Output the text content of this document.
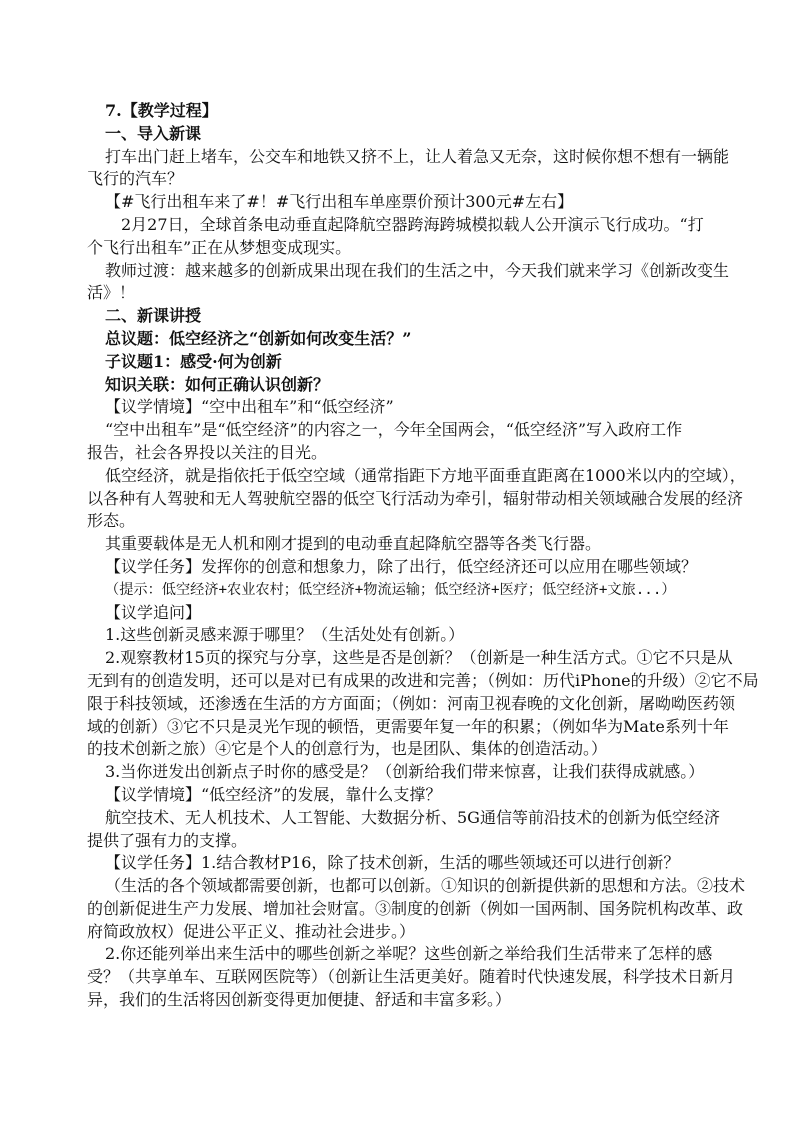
7.【教学过程】
一、导入新课
打车出门赶上堵车，公交车和地铁又挤不上，让人着急又无奈，这时候你想不想有一辆能
飞行的汽车？
【#飞行出租车来了#！#飞行出租车单座票价预计300元#左右】
2月27日，全球首条电动垂直起降航空器跨海跨城模拟载人公开演示飞行成功。“打
个飞行出租车”正在从梦想变成现实。
教师过渡：越来越多的创新成果出现在我们的生活之中，今天我们就来学习《创新改变生
活》！
二、新课讲授
总议题：低空经济之“创新如何改变生活？”
子议题1：感受·何为创新
知识关联：如何正确认识创新？
【议学情境】“空中出租车”和“低空经济”
“空中出租车”是“低空经济”的内容之一，今年全国两会，“低空经济”写入政府工作
报告，社会各界投以关注的目光。
低空经济，就是指依托于低空空域（通常指距下方地平面垂直距离在1000米以内的空域），
以各种有人驾驶和无人驾驶航空器的低空飞行活动为牵引，辐射带动相关领域融合发展的经济
形态。
其重要载体是无人机和刚才提到的电动垂直起降航空器等各类飞行器。
【议学任务】发挥你的创意和想象力，除了出行，低空经济还可以应用在哪些领域？
（提示：低空经济+农业农村；低空经济+物流运输；低空经济+医疗；低空经济+文旅...）
【议学追问】
1.这些创新灵感来源于哪里？（生活处处有创新。）
2.观察教材15页的探究与分享，这些是否是创新？（创新是一种生活方式。①它不只是从
无到有的创造发明，还可以是对已有成果的改进和完善；（例如：历代iPhone的升级）②它不局
限于科技领域，还渗透在生活的方方面面；（例如：河南卫视春晚的文化创新，屠呦呦医药领
域的创新）③它不只是灵光乍现的顿悟，更需要年复一年的积累；（例如华为Mate系列十年
的技术创新之旅）④它是个人的创意行为，也是团队、集体的创造活动。）
3.当你迸发出创新点子时你的感受是？（创新给我们带来惊喜，让我们获得成就感。）
【议学情境】“低空经济”的发展，靠什么支撑？
航空技术、无人机技术、人工智能、大数据分析、5G通信等前沿技术的创新为低空经济
提供了强有力的支撑。
【议学任务】1.结合教材P16，除了技术创新，生活的哪些领域还可以进行创新？
（生活的各个领域都需要创新，也都可以创新。①知识的创新提供新的思想和方法。②技术
的创新促进生产力发展、增加社会财富。③制度的创新（例如一国两制、国务院机构改革、政
府简政放权）促进公平正义、推动社会进步。）
2.你还能列举出来生活中的哪些创新之举呢？这些创新之举给我们生活带来了怎样的感
受？（共享单车、互联网医院等）（创新让生活更美好。随着时代快速发展，科学技术日新月
异，我们的生活将因创新变得更加便捷、舒适和丰富多彩。）
